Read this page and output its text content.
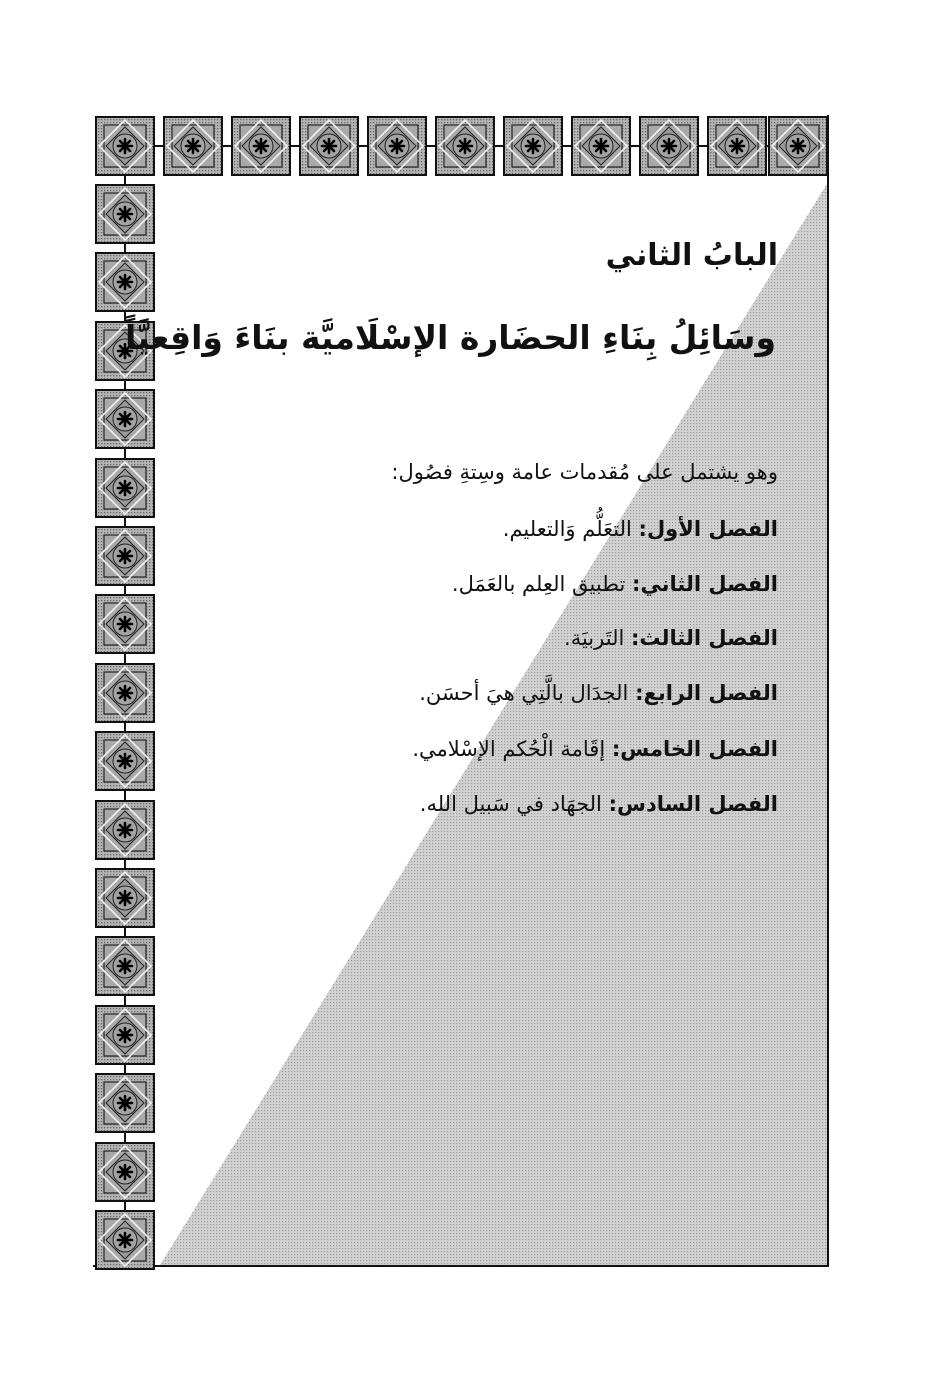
البابُ الثاني
وسَائِلُ بِنَاءِ الحضَارة الإسْلَاميَّة بنَاءَ وَاقِعيَّاً
وهو يشتمل على مُقدمات عامة وسِتةِ فصُول:
الفصل الأول: التعَلُّم وَالتعليم.
الفصل الثاني: تطبيق العِلم بالعَمَل.
الفصل الثالث: التَربيَة.
الفصل الرابع: الجدَال بالَّتِي هيَ أحسَن.
الفصل الخامس: إقَامة الْحُكم الإسْلامي.
الفصل السادس: الجهَاد في سَبيل الله.
